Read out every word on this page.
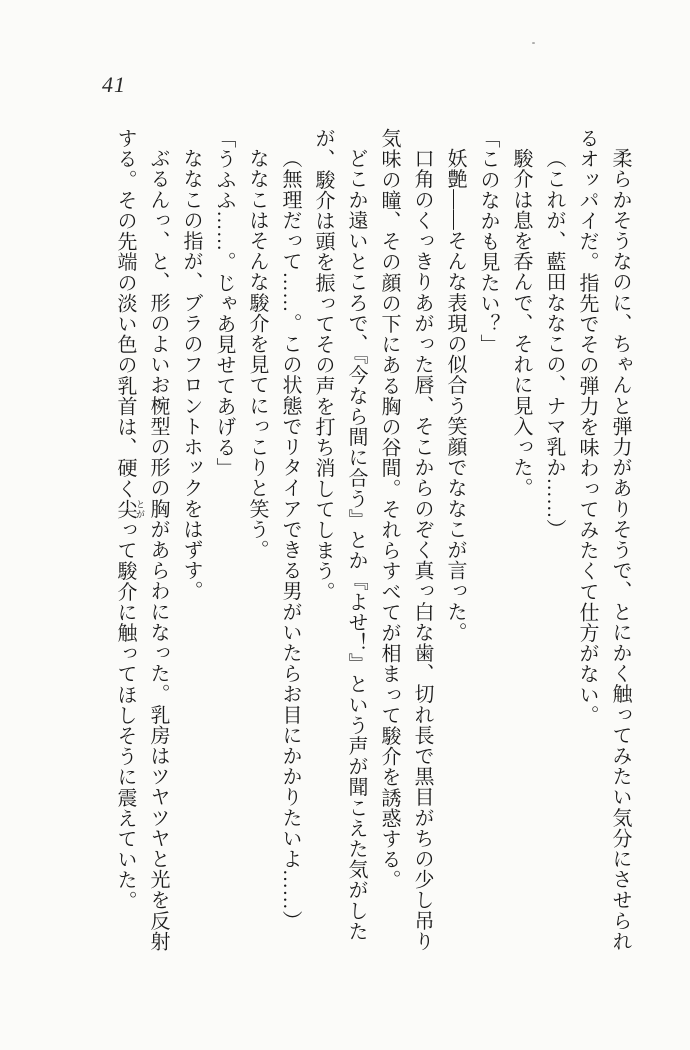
41

柔らかそうなのに、ちゃんと弾力がありそうで、とにかく触ってみたい気分にさせられるオッパイだ。指先でその弾力を味わってみたくて仕方がない。

（これが、藍田ななこの、ナマ乳か……）

駿介は息を呑んで、それに見入った。

「このなかも見たい？」

妖艶――そんな表現の似合う笑顔でななこが言った。

口角のくっきりあがった唇、そこからのぞく真っ白な歯、切れ長で黒目がちの少し吊り気味の瞳、その顔の下にある胸の谷間。それらすべてが相まって駿介を誘惑する。

どこか遠いところで、『今なら間に合う』とか『よせ！』という声が聞こえた気がしたが、駿介は頭を振ってその声を打ち消してしまう。

（無理だって……。この状態でリタイアできる男がいたらお目にかかりたいよ……）

ななこはそんな駿介を見てにっこりと笑う。

「うふふ……。じゃあ見せてあげる」

ななこの指が、ブラのフロントホックをはずす。

ぶるんっ、と、形のよいお椀型の形の胸があらわになった。乳房はツヤツヤと光を反射する。その先端の淡い色の乳首は、硬く尖 とがって駿介に触ってほしそうに震えていた。
